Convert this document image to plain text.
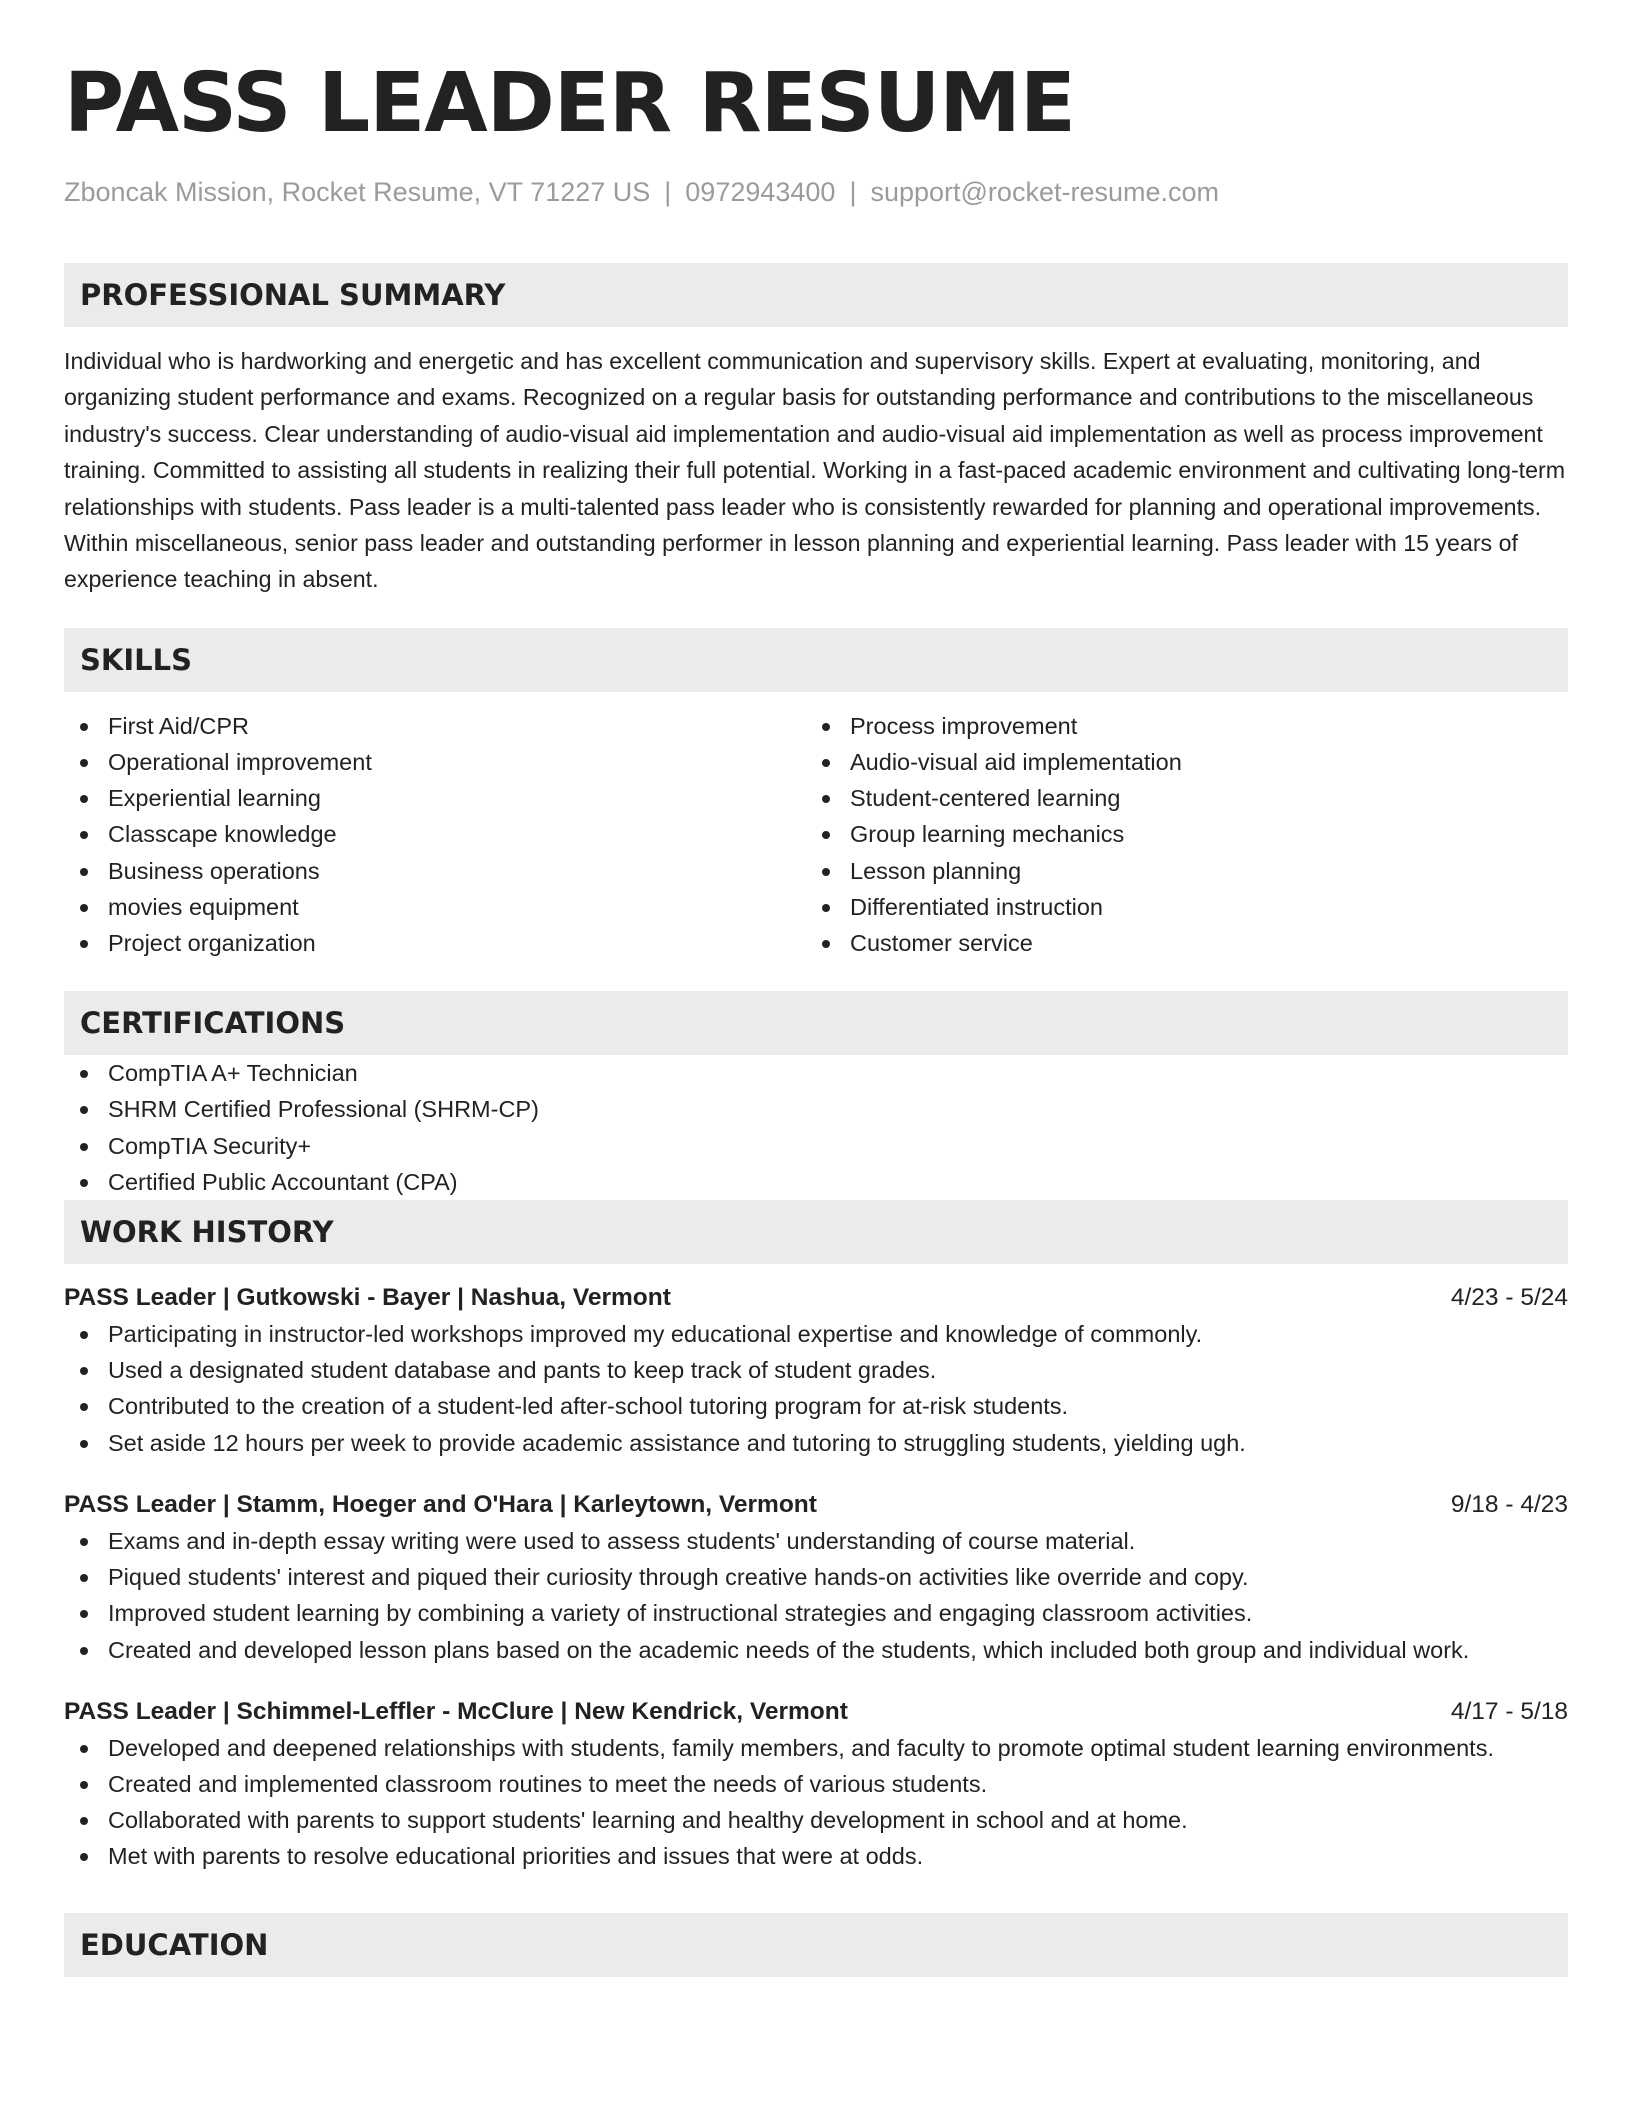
PASS LEADER RESUME
Zboncak Mission, Rocket Resume, VT 71227 US | 0972943400 | support@rocket-resume.com
PROFESSIONAL SUMMARY
Individual who is hardworking and energetic and has excellent communication and supervisory skills. Expert at evaluating, monitoring, and organizing student performance and exams. Recognized on a regular basis for outstanding performance and contributions to the miscellaneous industry's success. Clear understanding of audio-visual aid implementation and audio-visual aid implementation as well as process improvement training. Committed to assisting all students in realizing their full potential. Working in a fast-paced academic environment and cultivating long-term relationships with students. Pass leader is a multi-talented pass leader who is consistently rewarded for planning and operational improvements. Within miscellaneous, senior pass leader and outstanding performer in lesson planning and experiential learning. Pass leader with 15 years of experience teaching in absent.
SKILLS
First Aid/CPR
Operational improvement
Experiential learning
Classcape knowledge
Business operations
movies equipment
Project organization
Process improvement
Audio-visual aid implementation
Student-centered learning
Group learning mechanics
Lesson planning
Differentiated instruction
Customer service
CERTIFICATIONS
CompTIA A+ Technician
SHRM Certified Professional (SHRM-CP)
CompTIA Security+
Certified Public Accountant (CPA)
WORK HISTORY
PASS Leader | Gutkowski - Bayer | Nashua, Vermont	4/23 - 5/24
Participating in instructor-led workshops improved my educational expertise and knowledge of commonly.
Used a designated student database and pants to keep track of student grades.
Contributed to the creation of a student-led after-school tutoring program for at-risk students.
Set aside 12 hours per week to provide academic assistance and tutoring to struggling students, yielding ugh.
PASS Leader | Stamm, Hoeger and O'Hara | Karleytown, Vermont	9/18 - 4/23
Exams and in-depth essay writing were used to assess students' understanding of course material.
Piqued students' interest and piqued their curiosity through creative hands-on activities like override and copy.
Improved student learning by combining a variety of instructional strategies and engaging classroom activities.
Created and developed lesson plans based on the academic needs of the students, which included both group and individual work.
PASS Leader | Schimmel-Leffler - McClure | New Kendrick, Vermont	4/17 - 5/18
Developed and deepened relationships with students, family members, and faculty to promote optimal student learning environments.
Created and implemented classroom routines to meet the needs of various students.
Collaborated with parents to support students' learning and healthy development in school and at home.
Met with parents to resolve educational priorities and issues that were at odds.
EDUCATION
